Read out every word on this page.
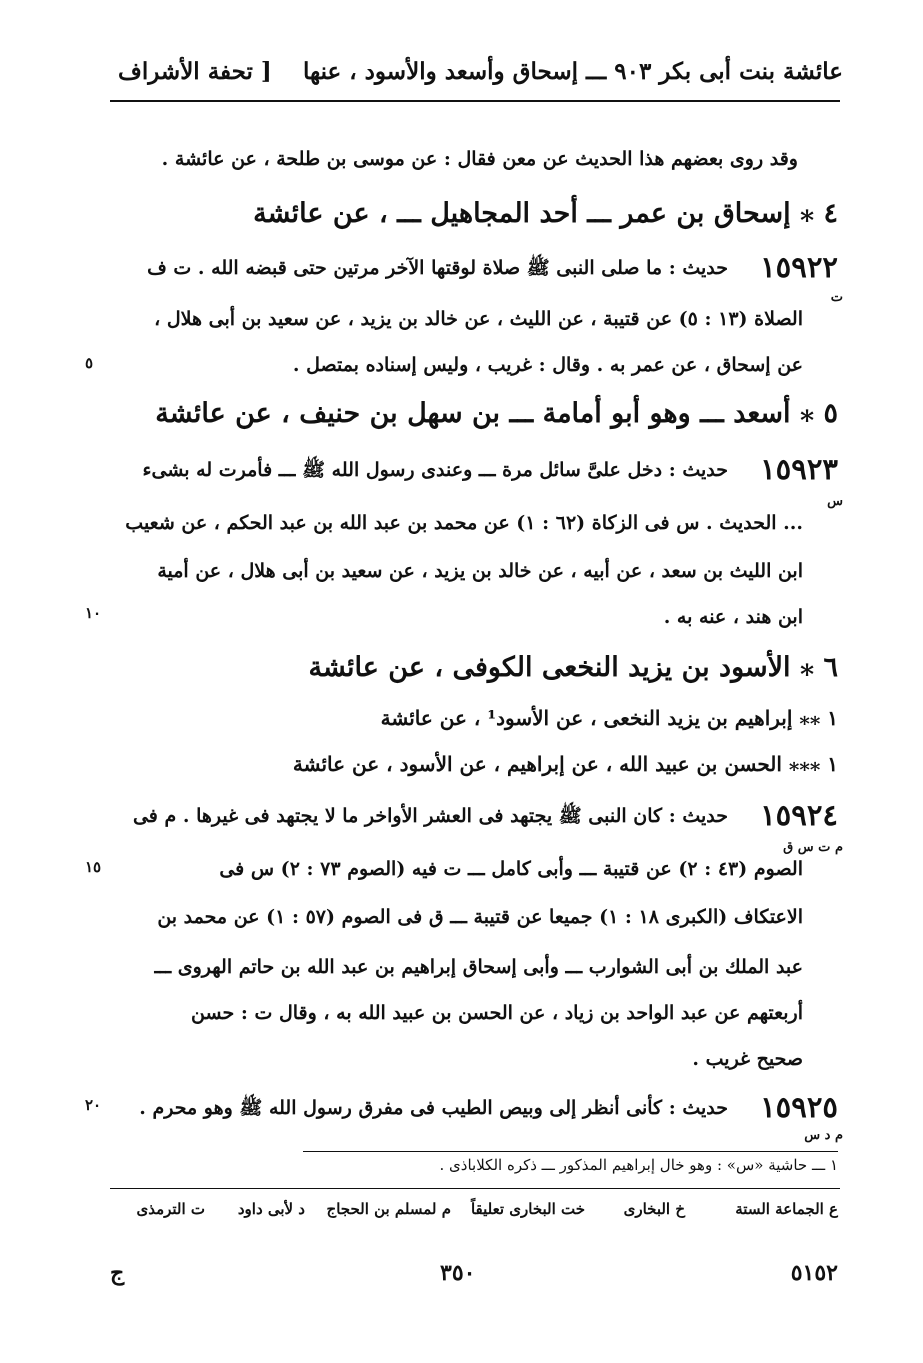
عائشة بنت أبى بكر ٩٠٣ ـــ إسحاق وأسعد والأسود ، عنها
[ تحفة الأشراف
وقد روى بعضهم هذا الحديث عن معن فقال : عن موسى بن طلحة ، عن عائشة .
٤ ⁎ إسحاق بن عمر ـــ أحد المجاهيل ـــ ، عن عائشة
١٥٩٢٢
حديث : ما صلى النبى ﷺ صلاة لوقتها الآخر مرتين حتى قبضه الله . ت ف
ت
الصلاة (١٣ : ٥) عن قتيبة ، عن الليث ، عن خالد بن يزيد ، عن سعيد بن أبى هلال ،
عن إسحاق ، عن عمر به . وقال : غريب ، وليس إسناده بمتصل .
٥
٥ ⁎ أسعد ـــ وهو أبو أمامة ـــ بن سهل بن حنيف ، عن عائشة
١٥٩٢٣
حديث : دخل علىَّ سائل مرة ـــ وعندى رسول الله ﷺ ـــ فأمرت له بشىء
س
... الحديث . س فى الزكاة (٦٢ : ١) عن محمد بن عبد الله بن عبد الحكم ، عن شعيب
ابن الليث بن سعد ، عن أبيه ، عن خالد بن يزيد ، عن سعيد بن أبى هلال ، عن أمية
ابن هند ، عنه به .
١٠
٦ ⁎ الأسود بن يزيد النخعى الكوفى ، عن عائشة
١ ⁎⁎ إبراهيم بن يزيد النخعى ، عن الأسود¹ ، عن عائشة
١ ⁎⁎⁎ الحسن بن عبيد الله ، عن إبراهيم ، عن الأسود ، عن عائشة
١٥٩٢٤
حديث : كان النبى ﷺ يجتهد فى العشر الأواخر ما لا يجتهد فى غيرها . م فى
م ت س ق
الصوم (٤٣ : ٢) عن قتيبة ـــ وأبى كامل ـــ ت فيه (الصوم ٧٣ : ٢) س فى
١٥
الاعتكاف (الكبرى ١٨ : ١) جميعا عن قتيبة ـــ ق فى الصوم (٥٧ : ١) عن محمد بن
عبد الملك بن أبى الشوارب ـــ وأبى إسحاق إبراهيم بن عبد الله بن حاتم الهروى ـــ
أربعتهم عن عبد الواحد بن زياد ، عن الحسن بن عبيد الله به ، وقال ت : حسن
صحيح غريب .
١٥٩٢٥
حديث : كأنى أنظر إلى وبيص الطيب فى مفرق رسول الله ﷺ وهو محرم .
٢٠
م د س
١ ـــ حاشية «س» : وهو خال إبراهيم المذكور ـــ ذكره الكلاباذى .
ع الجماعة الستة
خ البخارى
خت البخارى تعليقاً
م لمسلم بن الحجاج
د لأبى داود
ت الترمذى
٥١٥٢
٣٥٠
ج
